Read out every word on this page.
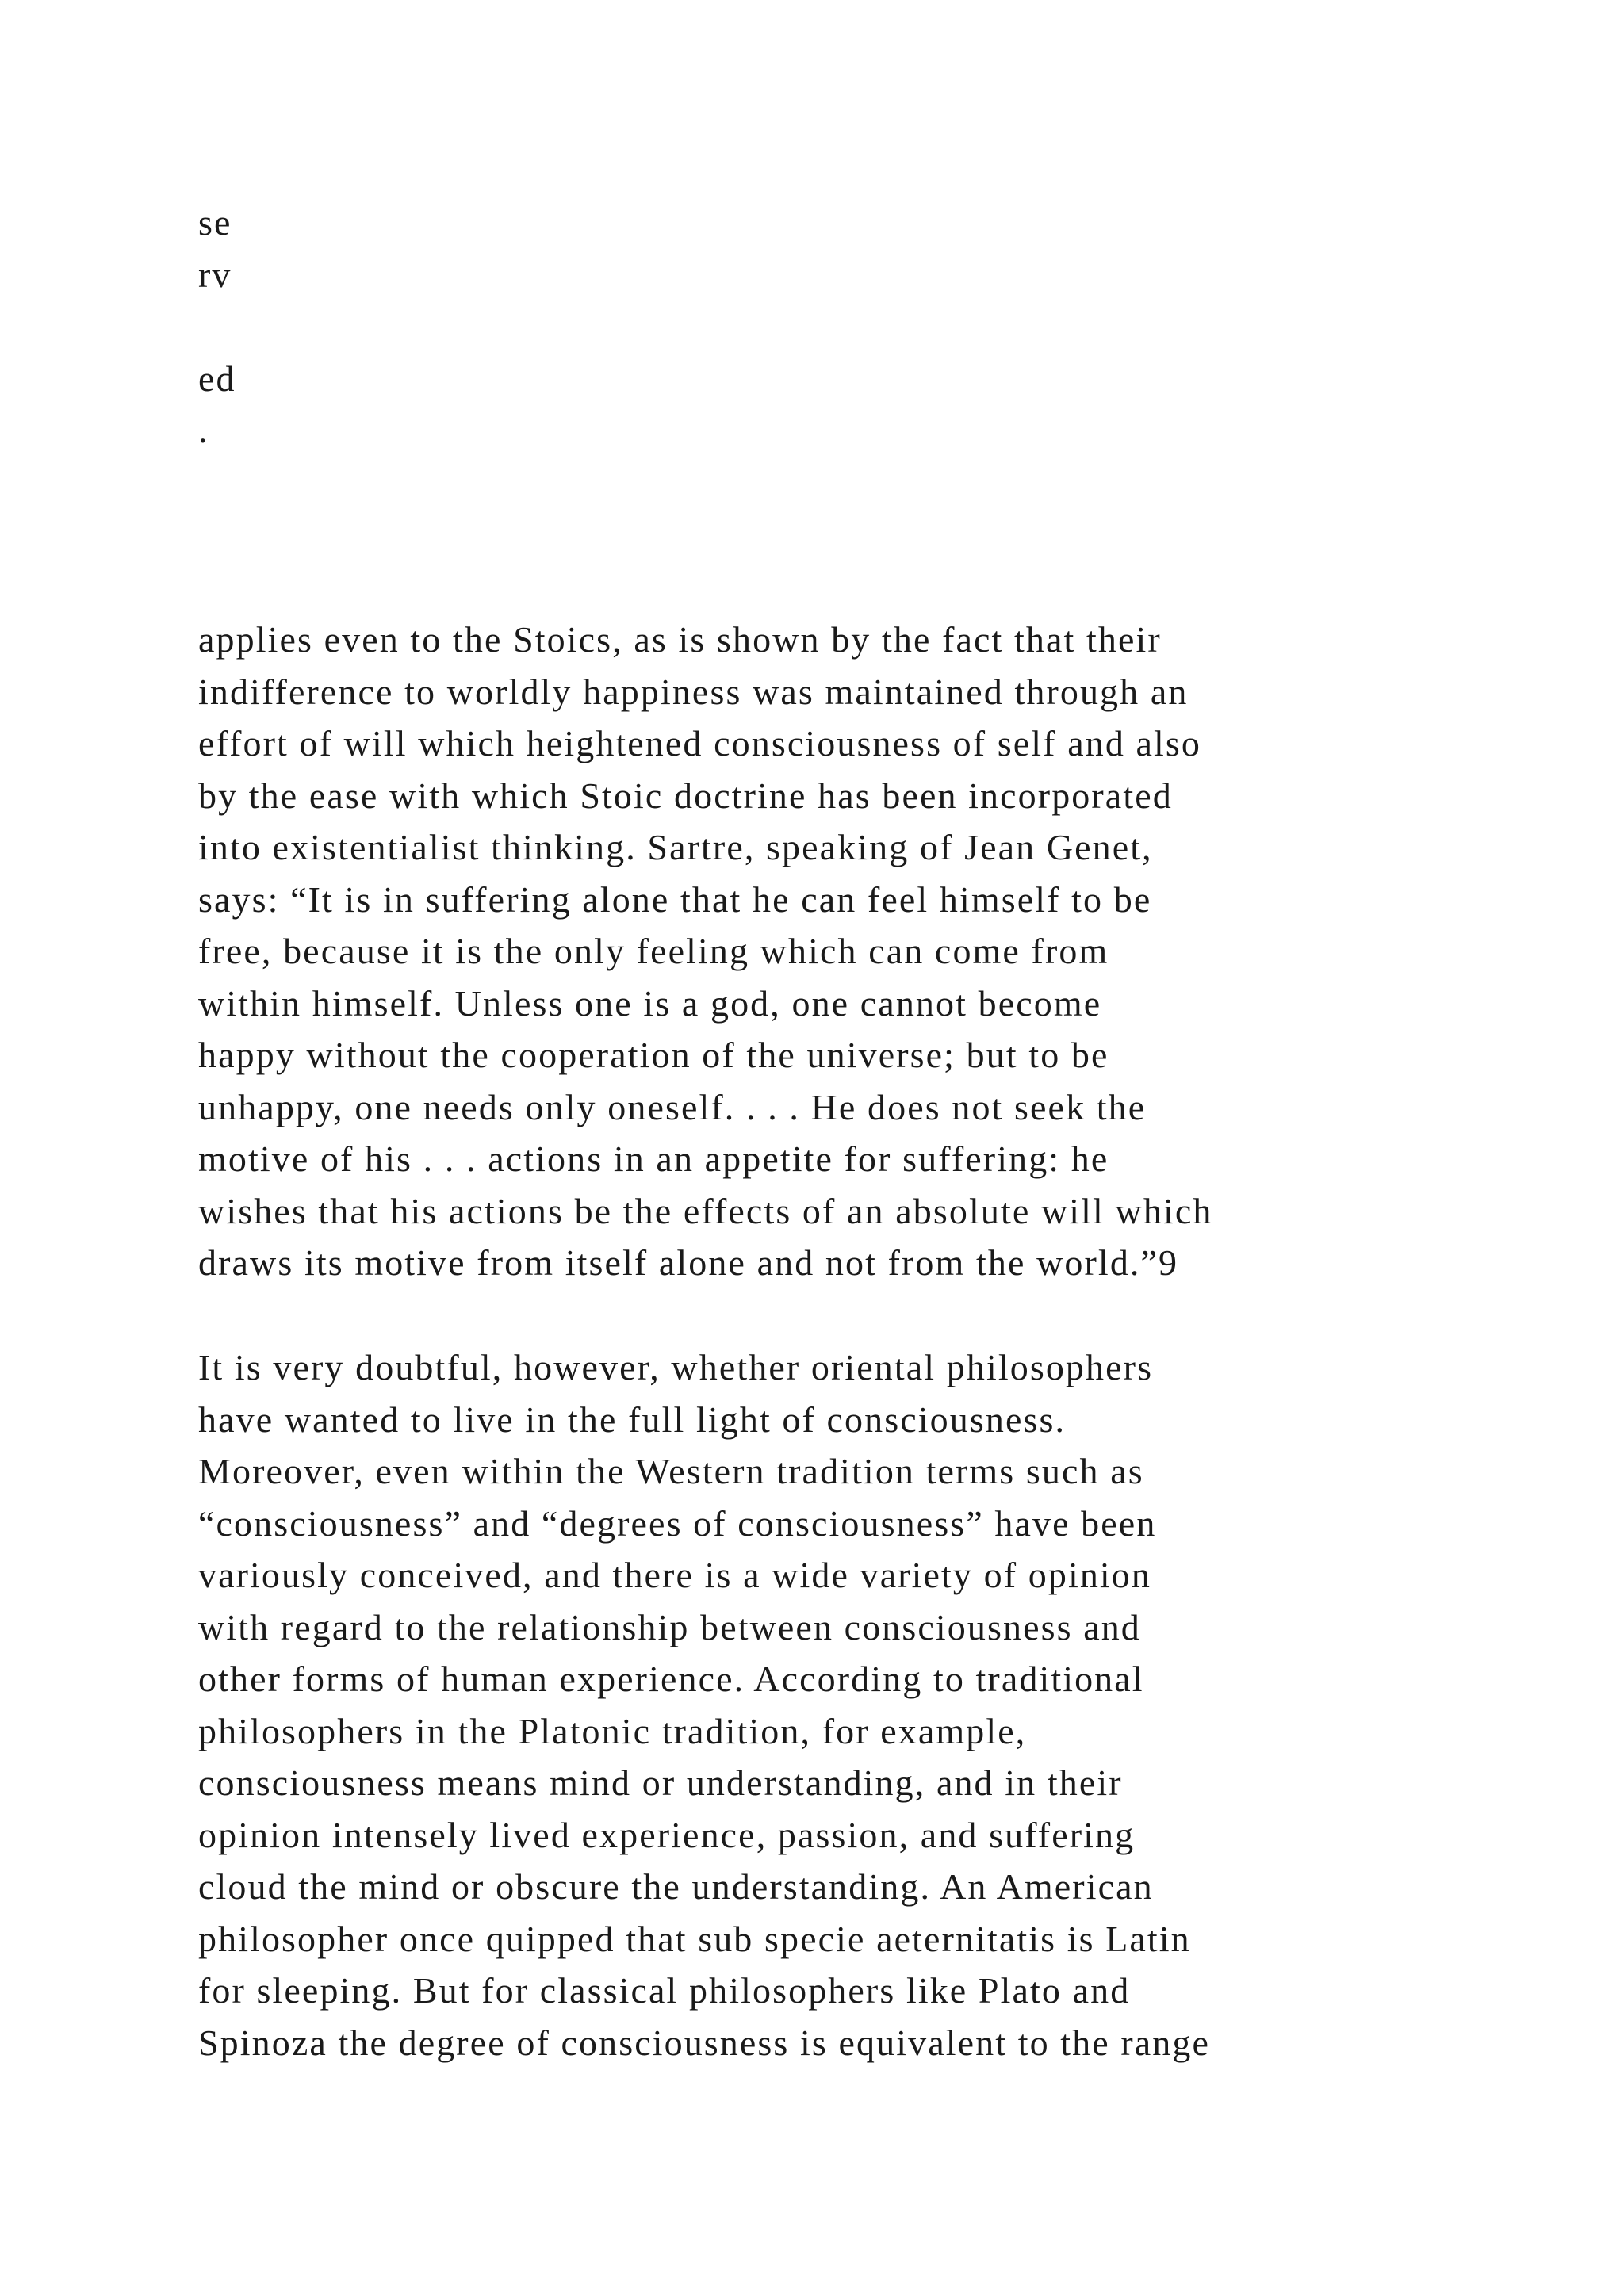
se
rv
ed
.
applies even to the Stoics, as is shown by the fact that their
indifference to worldly happiness was maintained through an
effort of will which heightened consciousness of self and also
by the ease with which Stoic doctrine has been incorporated
into existentialist thinking. Sartre, speaking of Jean Genet,
says: “It is in suffering alone that he can feel himself to be
free, because it is the only feeling which can come from
within himself. Unless one is a god, one cannot become
happy without the cooperation of the universe; but to be
unhappy, one needs only oneself. . . . He does not seek the
motive of his . . . actions in an appetite for suffering: he
wishes that his actions be the effects of an absolute will which
draws its motive from itself alone and not from the world.”9
It is very doubtful, however, whether oriental philosophers
have wanted to live in the full light of consciousness.
Moreover, even within the Western tradition terms such as
“consciousness” and “degrees of consciousness” have been
variously conceived, and there is a wide variety of opinion
with regard to the relationship between consciousness and
other forms of human experience. According to traditional
philosophers in the Platonic tradition, for example,
consciousness means mind or understanding, and in their
opinion intensely lived experience, passion, and suffering
cloud the mind or obscure the understanding. An American
philosopher once quipped that sub specie aeternitatis is Latin
for sleeping. But for classical philosophers like Plato and
Spinoza the degree of consciousness is equivalent to the range
